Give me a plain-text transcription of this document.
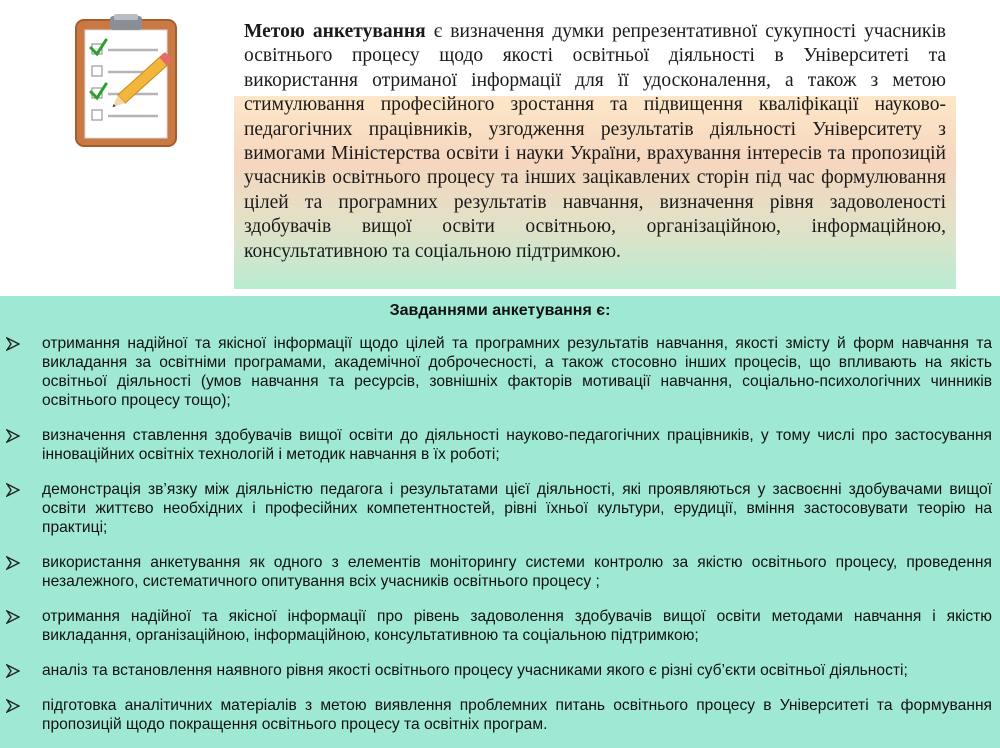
Метою анкетування є визначення думки репрезентативної сукупності учасників освітнього процесу щодо якості освітньої діяльності в Університеті та використання отриманої інформації для її удосконалення, а також з метою стимулювання професійного зростання та підвищення кваліфікації науково-педагогічних працівників, узгодження результатів діяльності Університету з вимогами Міністерства освіти і науки України, врахування інтересів та пропозицій учасників освітнього процесу та інших зацікавлених сторін під час формулювання цілей та програмних результатів навчання, визначення рівня задоволеності здобувачів вищої освіти освітньою, організаційною, інформаційною, консультативною та соціальною підтримкою.

Завданнями анкетування є:

отримання надійної та якісної інформації щодо цілей та програмних результатів навчання, якості змісту й форм навчання та викладання за освітніми програмами, академічної доброчесності, а також стосовно інших процесів, що впливають на якість освітньої діяльності (умов навчання та ресурсів, зовнішніх факторів мотивації навчання, соціально-психологічних чинників освітнього процесу тощо);
визначення ставлення здобувачів вищої освіти до діяльності науково-педагогічних працівників, у тому числі про застосування інноваційних освітніх технологій і методик навчання в їх роботі;
демонстрація зв’язку між діяльністю педагога і результатами цієї діяльності, які проявляються у засвоєнні здобувачами вищої освіти життєво необхідних і професійних компетентностей, рівні їхньої культури, ерудиції, вміння застосовувати теорію на практиці;
використання анкетування як одного з елементів моніторингу системи контролю за якістю освітнього процесу, проведення незалежного, систематичного опитування всіх учасників освітнього процесу ;
отримання надійної та якісної інформації про рівень задоволення здобувачів вищої освіти методами навчання і якістю викладання, організаційною, інформаційною, консультативною та соціальною підтримкою;
аналіз та встановлення наявного рівня якості освітнього процесу учасниками якого є різні суб’єкти освітньої діяльності;
підготовка аналітичних матеріалів з метою виявлення проблемних питань освітнього процесу в Університеті та формування пропозицій щодо покращення освітнього процесу та освітніх програм.
